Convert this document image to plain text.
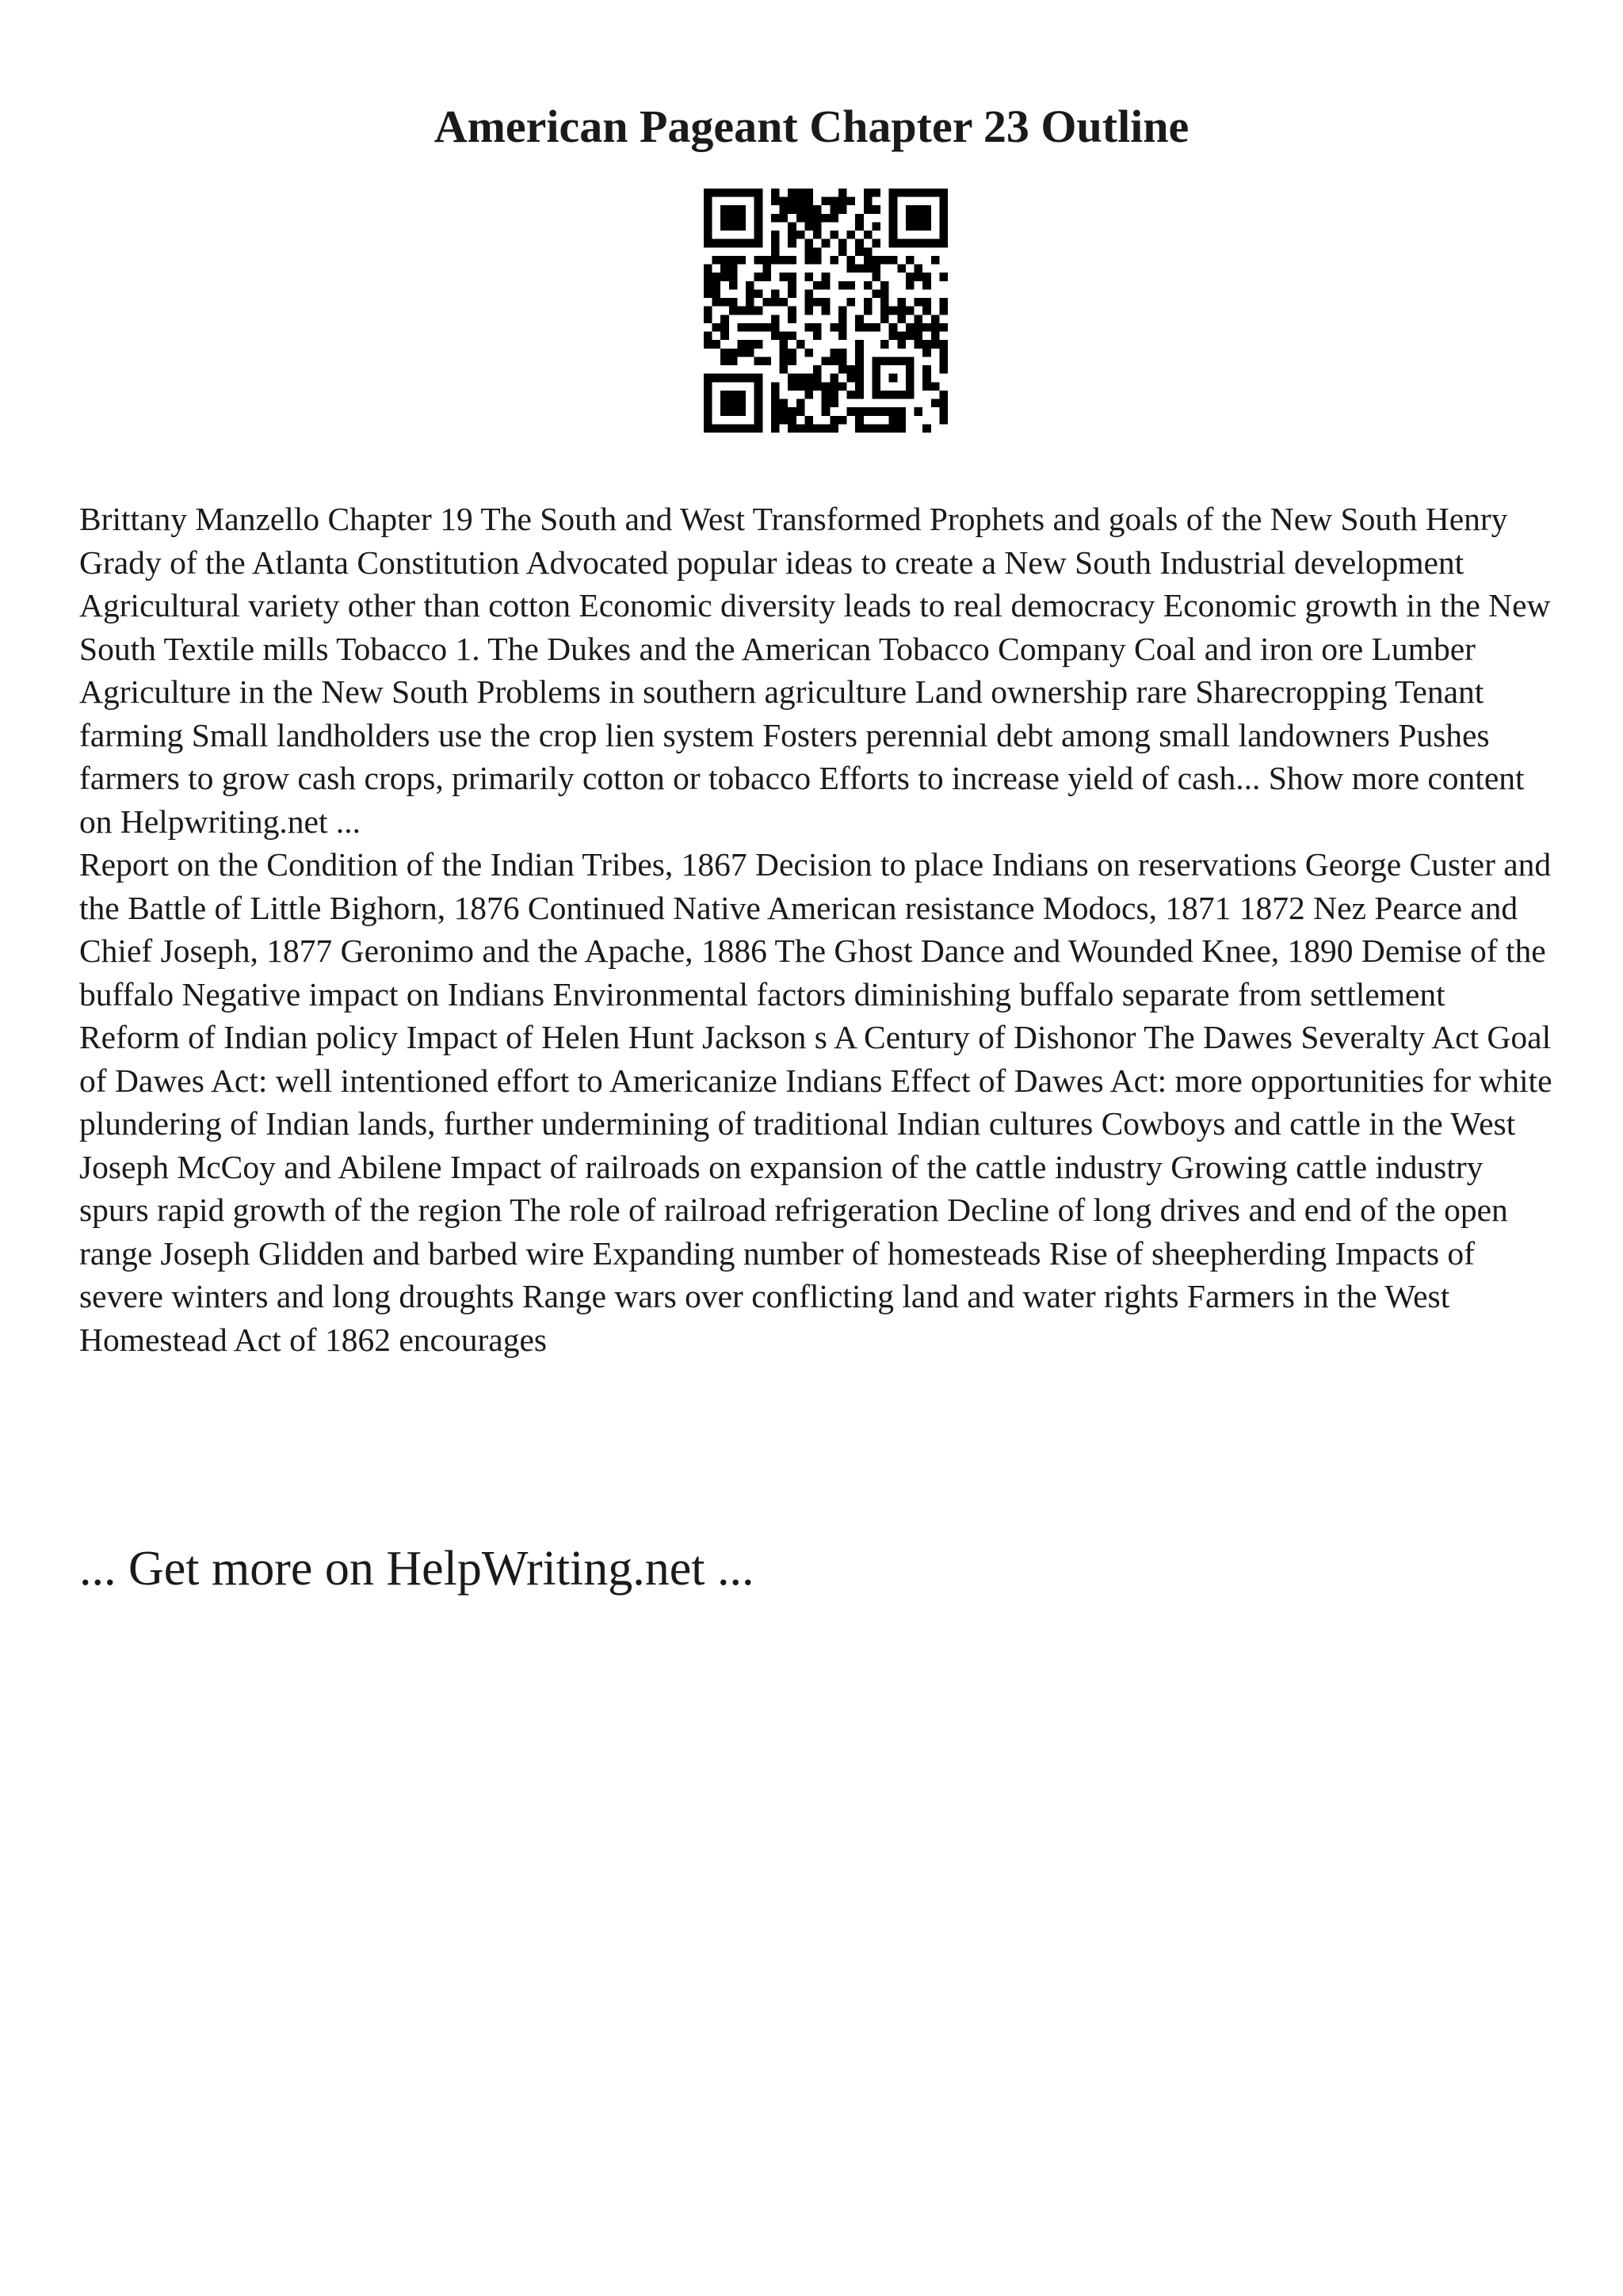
American Pageant Chapter 23 Outline

Brittany Manzello Chapter 19 The South and West Transformed Prophets and goals of the New South Henry Grady of the Atlanta Constitution Advocated popular ideas to create a New South Industrial development Agricultural variety other than cotton Economic diversity leads to real democracy Economic growth in the New South Textile mills Tobacco 1. The Dukes and the American Tobacco Company Coal and iron ore Lumber Agriculture in the New South Problems in southern agriculture Land ownership rare Sharecropping Tenant farming Small landholders use the crop lien system Fosters perennial debt among small landowners Pushes farmers to grow cash crops, primarily cotton or tobacco Efforts to increase yield of cash... Show more content on Helpwriting.net ...

Report on the Condition of the Indian Tribes, 1867 Decision to place Indians on reservations George Custer and the Battle of Little Bighorn, 1876 Continued Native American resistance Modocs, 1871 1872 Nez Pearce and Chief Joseph, 1877 Geronimo and the Apache, 1886 The Ghost Dance and Wounded Knee, 1890 Demise of the buffalo Negative impact on Indians Environmental factors diminishing buffalo separate from settlement Reform of Indian policy Impact of Helen Hunt Jackson s A Century of Dishonor The Dawes Severalty Act Goal of Dawes Act: well intentioned effort to Americanize Indians Effect of Dawes Act: more opportunities for white plundering of Indian lands, further undermining of traditional Indian cultures Cowboys and cattle in the West Joseph McCoy and Abilene Impact of railroads on expansion of the cattle industry Growing cattle industry spurs rapid growth of the region The role of railroad refrigeration Decline of long drives and end of the open range Joseph Glidden and barbed wire Expanding number of homesteads Rise of sheepherding Impacts of severe winters and long droughts Range wars over conflicting land and water rights Farmers in the West Homestead Act of 1862 encourages

... Get more on HelpWriting.net ...
